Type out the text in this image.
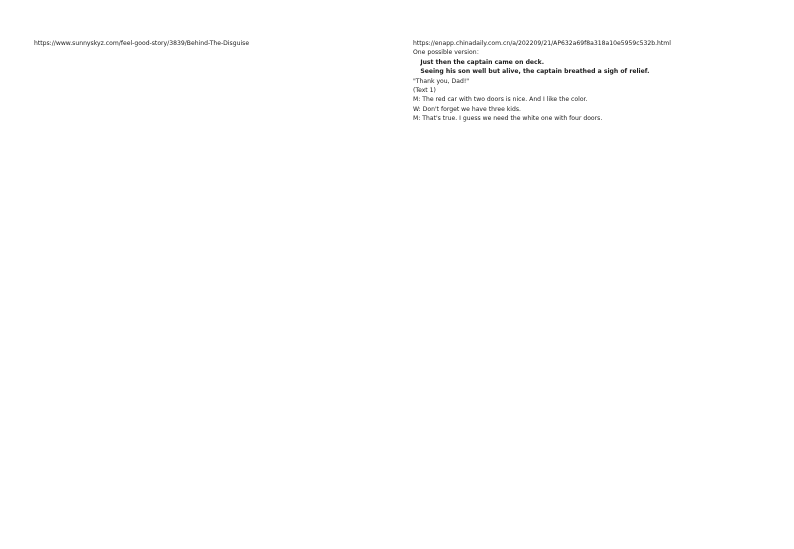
https://www.sunnyskyz.com/feel-good-story/3839/Behind-The-Disguise	https://enapp.chinadaily.com.cn/a/202209/21/AP632a69f8a318a10e5959c532b.html

One possible version：

Just then the captain came on deck.

Seeing his son well but alive, the captain breathed a sigh of relief.

"Thank you, Dad!"

(Text 1)

M: The red car with two doors is nice. And I like the color.

W: Don't forget we have three kids.

M: That's true. I guess we need the white one with four doors.
